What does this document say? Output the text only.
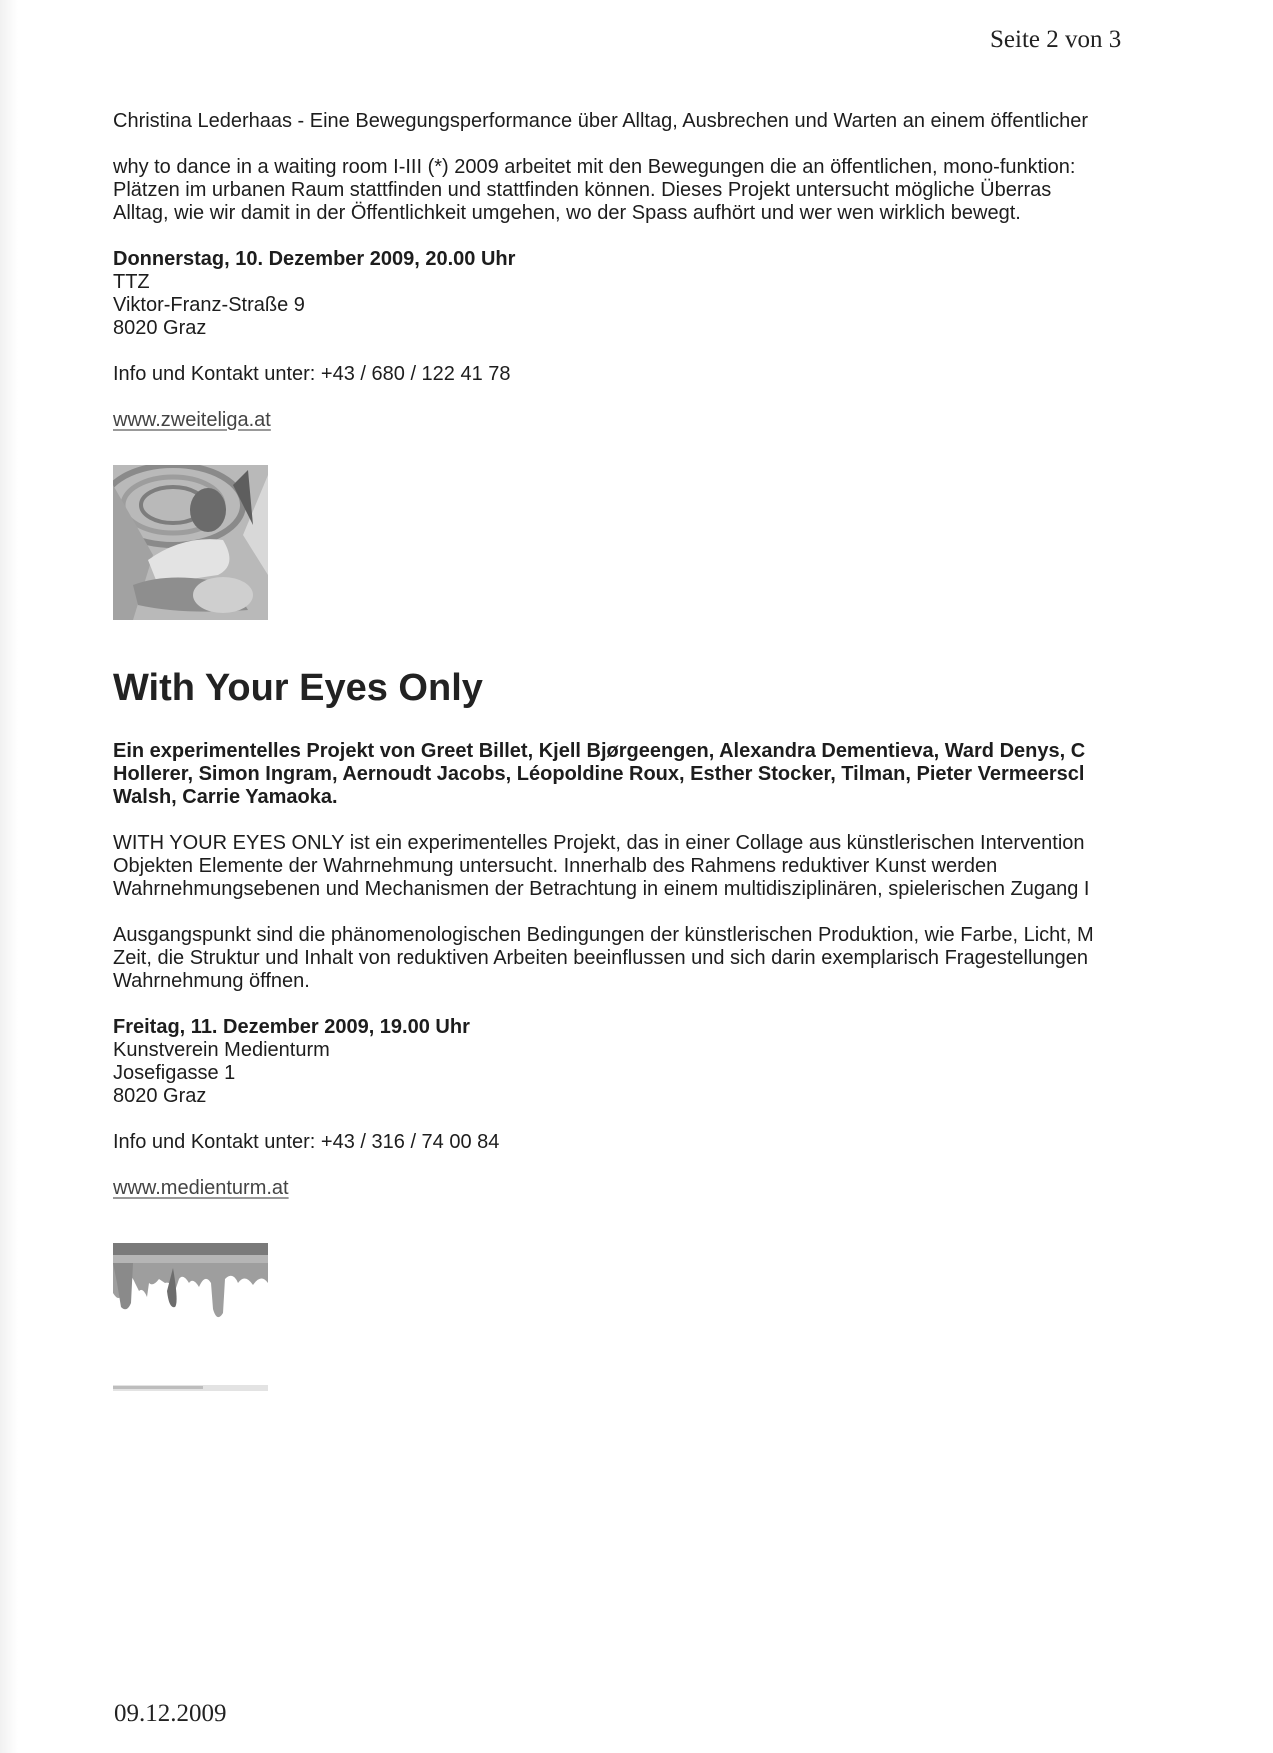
Seite 2 von 3

Christina Lederhaas - Eine Bewegungsperformance über Alltag, Ausbrechen und Warten an einem öffentlicher

why to dance in a waiting room I-III (*) 2009 arbeitet mit den Bewegungen die an öffentlichen, mono-funktion:
Plätzen im urbanen Raum stattfinden und stattfinden können. Dieses Projekt untersucht mögliche Überras
Alltag, wie wir damit in der Öffentlichkeit umgehen, wo der Spass aufhört und wer wen wirklich bewegt.
Donnerstag, 10. Dezember 2009, 20.00 Uhr
TTZ
Viktor-Franz-Straße 9
8020 Graz

Info und Kontakt unter: +43 / 680 / 122 41 78

www.zweiteliga.at
With Your Eyes Only
Ein experimentelles Projekt von Greet Billet, Kjell Bjørgeengen, Alexandra Dementieva, Ward Denys, C
Hollerer, Simon Ingram, Aernoudt Jacobs, Léopoldine Roux, Esther Stocker, Tilman, Pieter Vermeerscl
Walsh, Carrie Yamaoka.
WITH YOUR EYES ONLY ist ein experimentelles Projekt, das in einer Collage aus künstlerischen Intervention
Objekten Elemente der Wahrnehmung untersucht. Innerhalb des Rahmens reduktiver Kunst werden
Wahrnehmungsebenen und Mechanismen der Betrachtung in einem multidisziplinären, spielerischen Zugang I
Ausgangspunkt sind die phänomenologischen Bedingungen der künstlerischen Produktion, wie Farbe, Licht, M
Zeit, die Struktur und Inhalt von reduktiven Arbeiten beeinflussen und sich darin exemplarisch Fragestellungen
Wahrnehmung öffnen.
Freitag, 11. Dezember 2009, 19.00 Uhr
Kunstverein Medienturm
Josefigasse 1
8020 Graz

Info und Kontakt unter: +43 / 316 / 74 00 84

www.medienturm.at
09.12.2009
